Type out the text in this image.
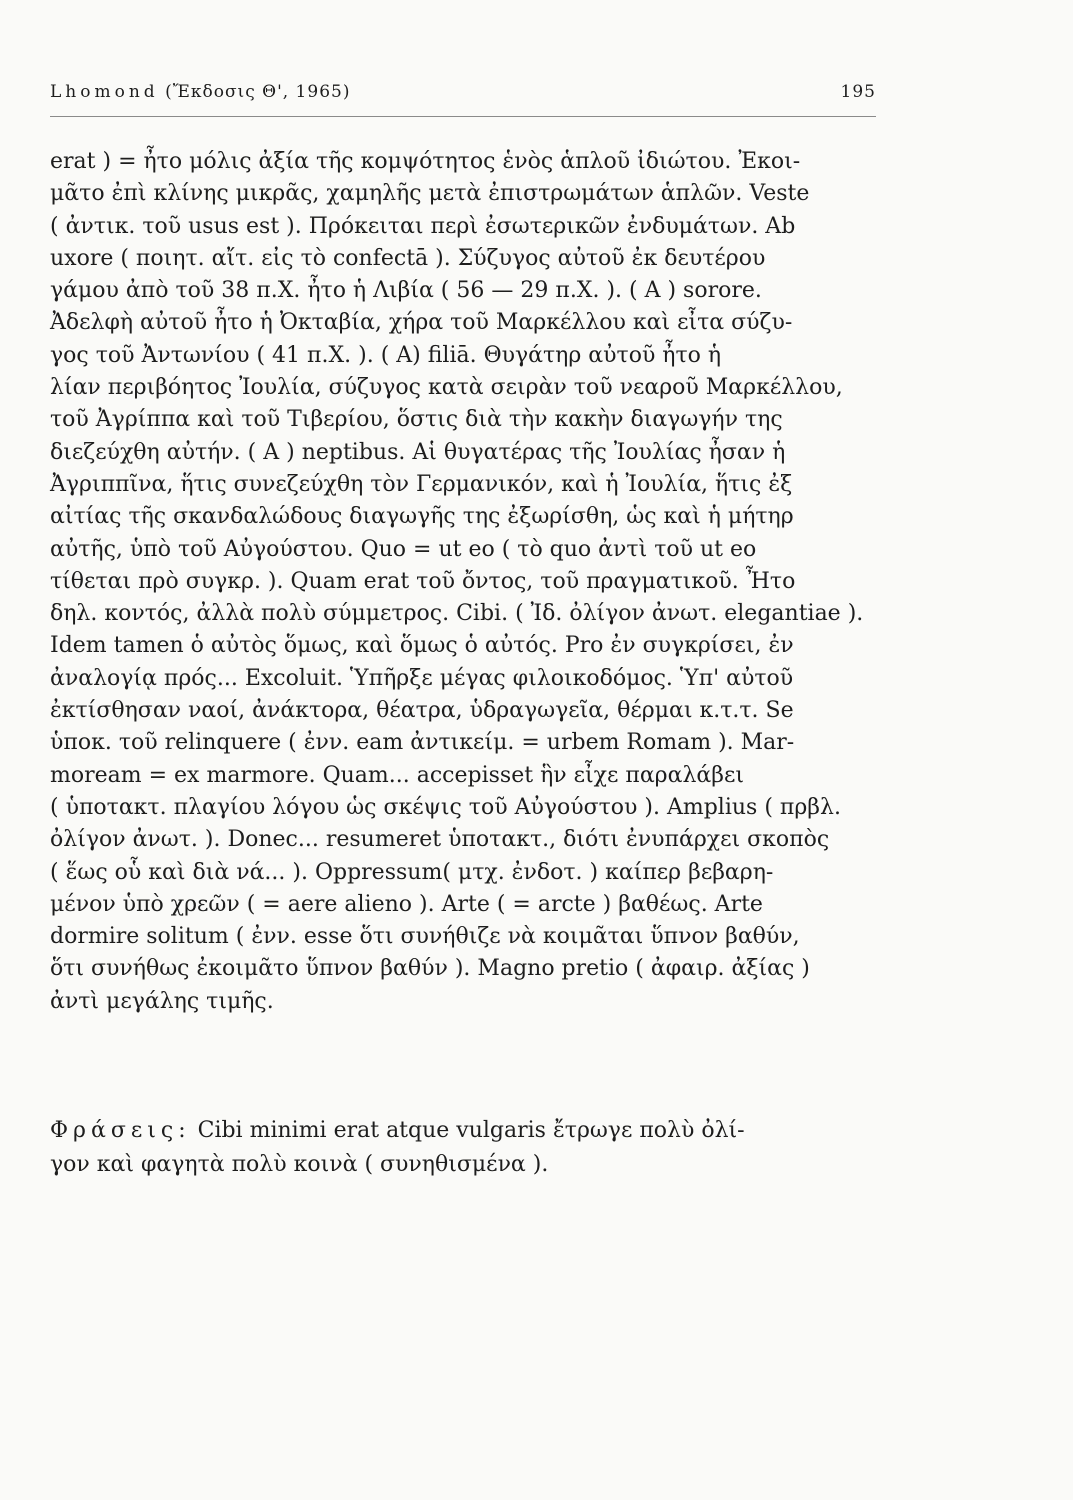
Lhomond (Ἔκδοσις Θ', 1965)	195
erat ) = ἦτο μόλις ἀξία τῆς κομψότητος ἑνὸς ἁπλοῦ ἰδιώτου. Ἐκοι-
μᾶτο ἐπὶ κλίνης μικρᾶς, χαμηλῆς μετὰ ἐπιστρωμάτων ἁπλῶν. Veste
( ἀντικ. τοῦ usus est ). Πρόκειται περὶ ἐσωτερικῶν ἐνδυμάτων. Ab
uxore ( ποιητ. αἴτ. εἰς τὸ confectā ). Σύζυγος αὐτοῦ ἐκ δευτέρου
γάμου ἀπὸ τοῦ 38 π.Χ. ἦτο ἡ Λιβία ( 56 — 29 π.Χ. ). ( A ) sorore.
Ἀδελφὴ αὐτοῦ ἦτο ἡ Ὀκταβία, χήρα τοῦ Μαρκέλλου καὶ εἶτα σύζυ-
γος τοῦ Ἀντωνίου ( 41 π.Χ. ). ( A) filiā. Θυγάτηρ αὐτοῦ ἦτο ἡ
λίαν περιβόητος Ἰουλία, σύζυγος κατὰ σειρὰν τοῦ νεαροῦ Μαρκέλλου,
τοῦ Ἀγρίππα καὶ τοῦ Τιβερίου, ὅστις διὰ τὴν κακὴν διαγωγήν της
διεζεύχθη αὐτήν. ( A ) neptibus. Αἱ θυγατέρας τῆς Ἰουλίας ἦσαν ἡ
Ἀγριππῖνα, ἥτις συνεζεύχθη τὸν Γερμανικόν, καὶ ἡ Ἰουλία, ἥτις ἐξ
αἰτίας τῆς σκανδαλώδους διαγωγῆς της ἐξωρίσθη, ὡς καὶ ἡ μήτηρ
αὐτῆς, ὑπὸ τοῦ Αὐγούστου. Quo = ut eo ( τὸ quo ἀντὶ τοῦ ut eo
τίθεται πρὸ συγκρ. ). Quam erat τοῦ ὄντος, τοῦ πραγματικοῦ. Ἦτο
δηλ. κοντός, ἀλλὰ πολὺ σύμμετρος. Cibi. ( Ἰδ. ὀλίγον ἀνωτ. elegantiae ).
Idem tamen ὁ αὐτὸς ὅμως, καὶ ὅμως ὁ αὐτός. Pro ἐν συγκρίσει, ἐν
ἀναλογίᾳ πρός... Excoluit. Ὑπῆρξε μέγας φιλοικοδόμος. Ὑπ' αὐτοῦ
ἐκτίσθησαν ναοί, ἀνάκτορα, θέατρα, ὑδραγωγεῖα, θέρμαι κ.τ.τ. Se
ὑποκ. τοῦ relinquere ( ἐνν. eam ἀντικείμ. = urbem Romam ). Mar-
moream = ex marmore. Quam... accepisset ἣν εἶχε παραλάβει
( ὑποτακτ. πλαγίου λόγου ὡς σκέψις τοῦ Αὐγούστου ). Amplius ( πρβλ.
ὀλίγον ἀνωτ. ). Donec... resumeret ὑποτακτ., διότι ἐνυπάρχει σκοπὸς
( ἕως οὗ καὶ διὰ νά... ). Oppressum( μτχ. ἐνδοτ. ) καίπερ βεβαρη-
μένον ὑπὸ χρεῶν ( = aere alieno ). Arte ( = arcte ) βαθέως. Arte
dormire solitum ( ἐνν. esse ὅτι συνήθιζε νὰ κοιμᾶται ὕπνον βαθύν,
ὅτι συνήθως ἐκοιμᾶτο ὕπνον βαθύν ). Magno pretio ( ἀφαιρ. ἀξίας )
ἀντὶ μεγάλης τιμῆς.
Φράσεις: Cibi minimi erat atque vulgaris ἔτρωγε πολὺ ὀλί-
γον καὶ φαγητὰ πολὺ κοινὰ ( συνηθισμένα ).
